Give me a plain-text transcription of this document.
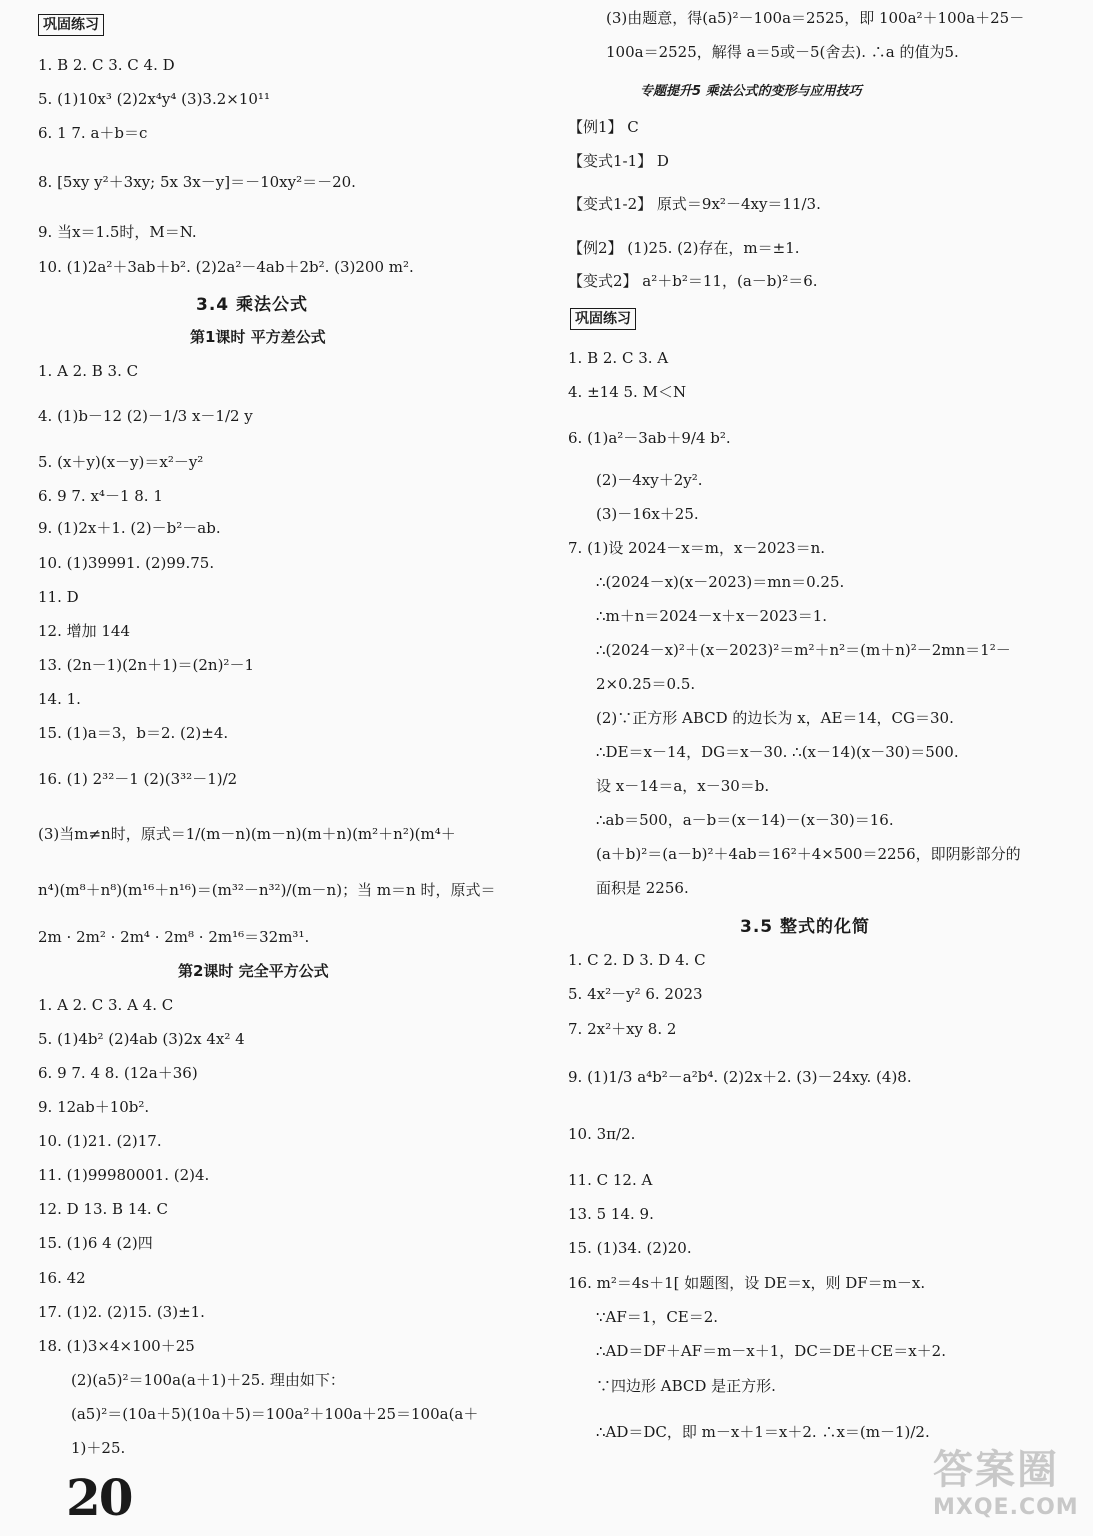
巩固练习
1. B 2. C 3. C 4. D
5. (1)10x³ (2)2x⁴y⁴ (3)3.2×10¹¹
6. 1 7. a＋b＝c
8. [5xy y²＋3xy; 5x 3x－y]＝－10xy²＝－20.
9. 当x＝1.5时，M＝N.
10. (1)2a²＋3ab＋b². (2)2a²－4ab＋2b². (3)200 m².
3.4 乘法公式
第1课时 平方差公式
1. A 2. B 3. C
4. (1)b－12 (2)－1/3 x－1/2 y
5. (x＋y)(x－y)＝x²－y²
6. 9 7. x⁴－1 8. 1
9. (1)2x＋1. (2)－b²－ab.
10. (1)39991. (2)99.75.
11. D
12. 增加 144
13. (2n－1)(2n＋1)＝(2n)²－1
14. 1.
15. (1)a＝3，b＝2. (2)±4.
16. (1) 2³²－1 (2)(3³²－1)/2
(3)当m≠n时，原式＝1/(m－n)(m－n)(m＋n)(m²＋n²)(m⁴＋
n⁴)(m⁸＋n⁸)(m¹⁶＋n¹⁶)＝(m³²－n³²)/(m－n)；当 m＝n 时，原式＝
2m · 2m² · 2m⁴ · 2m⁸ · 2m¹⁶＝32m³¹.
第2课时 完全平方公式
1. A 2. C 3. A 4. C
5. (1)4b² (2)4ab (3)2x 4x² 4
6. 9 7. 4 8. (12a＋36)
9. 12ab＋10b².
10. (1)21. (2)17.
11. (1)99980001. (2)4.
12. D 13. B 14. C
15. (1)6 4 (2)四
16. 42
17. (1)2. (2)15. (3)±1.
18. (1)3×4×100＋25
(2)(a5)²＝100a(a＋1)＋25. 理由如下：
(a5)²＝(10a＋5)(10a＋5)＝100a²＋100a＋25＝100a(a＋
1)＋25.
20
(3)由题意，得(a5)²－100a＝2525，即 100a²＋100a＋25－
100a＝2525，解得 a＝5或－5(舍去). ∴a 的值为5.
专题提升5 乘法公式的变形与应用技巧
【例1】 C
【变式1-1】 D
【变式1-2】 原式＝9x²－4xy＝11/3.
【例2】 (1)25. (2)存在，m＝±1.
【变式2】 a²＋b²＝11，(a－b)²＝6.
巩固练习
1. B 2. C 3. A
4. ±14 5. M＜N
6. (1)a²－3ab＋9/4 b².
(2)－4xy＋2y².
(3)－16x＋25.
7. (1)设 2024－x＝m，x－2023＝n.
∴(2024－x)(x－2023)＝mn＝0.25.
∴m＋n＝2024－x＋x－2023＝1.
∴(2024－x)²＋(x－2023)²＝m²＋n²＝(m＋n)²－2mn＝1²－
2×0.25＝0.5.
(2)∵正方形 ABCD 的边长为 x，AE＝14，CG＝30.
∴DE＝x－14，DG＝x－30. ∴(x－14)(x－30)＝500.
设 x－14＝a，x－30＝b.
∴ab＝500，a－b＝(x－14)－(x－30)＝16.
(a＋b)²＝(a－b)²＋4ab＝16²＋4×500＝2256，即阴影部分的
面积是 2256.
3.5 整式的化简
1. C 2. D 3. D 4. C
5. 4x²－y² 6. 2023
7. 2x²＋xy 8. 2
9. (1)1/3 a⁴b²－a²b⁴. (2)2x＋2. (3)－24xy. (4)8.
10. 3π/2.
11. C 12. A
13. 5 14. 9.
15. (1)34. (2)20.
16. m²＝4s＋1[ 如题图，设 DE＝x，则 DF＝m－x.
∵AF＝1，CE＝2.
∴AD＝DF＋AF＝m－x＋1，DC＝DE＋CE＝x＋2.
∵四边形 ABCD 是正方形.
∴AD＝DC，即 m－x＋1＝x＋2. ∴x＝(m－1)/2.
答案圈
MXQE.COM
